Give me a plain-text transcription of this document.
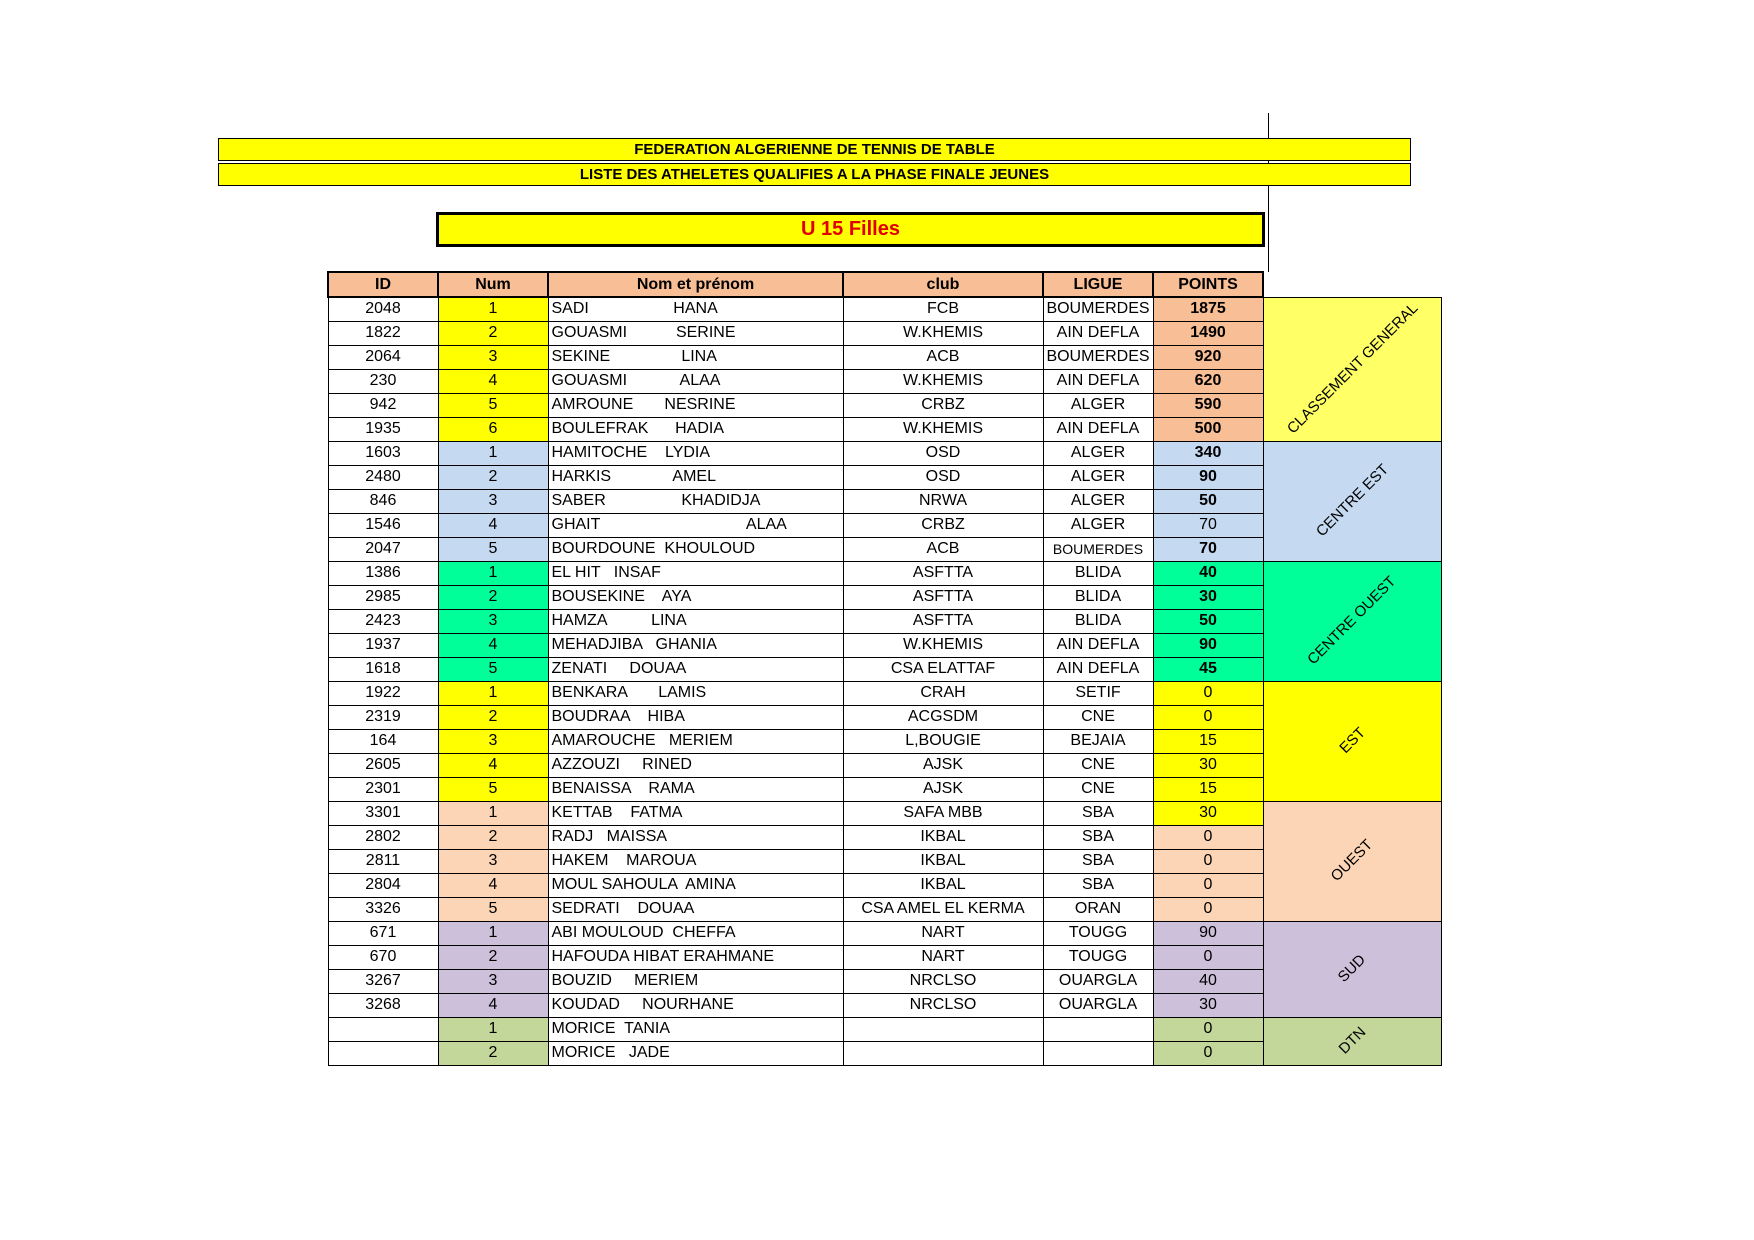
FEDERATION ALGERIENNE DE TENNIS DE TABLE
LISTE DES ATHELETES QUALIFIES A LA PHASE FINALE JEUNES
U 15 Filles
ID	Num	Nom et prénom	club	LIGUE	POINTS	
2048	1	SADI                   HANA	FCB	BOUMERDES	1875	CLASSEMENT GENERAL
1822	2	GOUASMI           SERINE	W.KHEMIS	AIN DEFLA	1490	
2064	3	SEKINE                LINA	ACB	BOUMERDES	920	
230	4	GOUASMI            ALAA	W.KHEMIS	AIN DEFLA	620	
942	5	AMROUNE       NESRINE	CRBZ	ALGER	590	
1935	6	BOULEFRAK      HADIA	W.KHEMIS	AIN DEFLA	500	
1603	1	HAMITOCHE    LYDIA	OSD	ALGER	340	CENTRE EST
2480	2	HARKIS              AMEL	OSD	ALGER	90	
846	3	SABER                 KHADIDJA	NRWA	ALGER	50	
1546	4	GHAIT                                 ALAA	CRBZ	ALGER	70	
2047	5	BOURDOUNE  KHOULOUD	ACB	BOUMERDES	70	
1386	1	EL HIT   INSAF	ASFTTA	BLIDA	40	CENTRE OUEST
2985	2	BOUSEKINE    AYA	ASFTTA	BLIDA	30	
2423	3	HAMZA          LINA	ASFTTA	BLIDA	50	
1937	4	MEHADJIBA   GHANIA	W.KHEMIS	AIN DEFLA	90	
1618	5	ZENATI     DOUAA	CSA ELATTAF	AIN DEFLA	45	
1922	1	BENKARA       LAMIS	CRAH	SETIF	0	EST
2319	2	BOUDRAA    HIBA	ACGSDM	CNE	0	
164	3	AMAROUCHE   MERIEM	L,BOUGIE	BEJAIA	15	
2605	4	AZZOUZI     RINED	AJSK	CNE	30	
2301	5	BENAISSA    RAMA	AJSK	CNE	15	
3301	1	KETTAB    FATMA	SAFA MBB	SBA	30	OUEST
2802	2	RADJ   MAISSA	IKBAL	SBA	0	
2811	3	HAKEM    MAROUA	IKBAL	SBA	0	
2804	4	MOUL SAHOULA  AMINA	IKBAL	SBA	0	
3326	5	SEDRATI    DOUAA	CSA AMEL EL KERMA	ORAN	0	
671	1	ABI MOULOUD  CHEFFA	NART	TOUGG	90	SUD
670	2	HAFOUDA HIBAT ERAHMANE	NART	TOUGG	0	
3267	3	BOUZID     MERIEM	NRCLSO	OUARGLA	40	
3268	4	KOUDAD     NOURHANE	NRCLSO	OUARGLA	30	
	1	MORICE  TANIA			0	DTN
	2	MORICE   JADE			0	
